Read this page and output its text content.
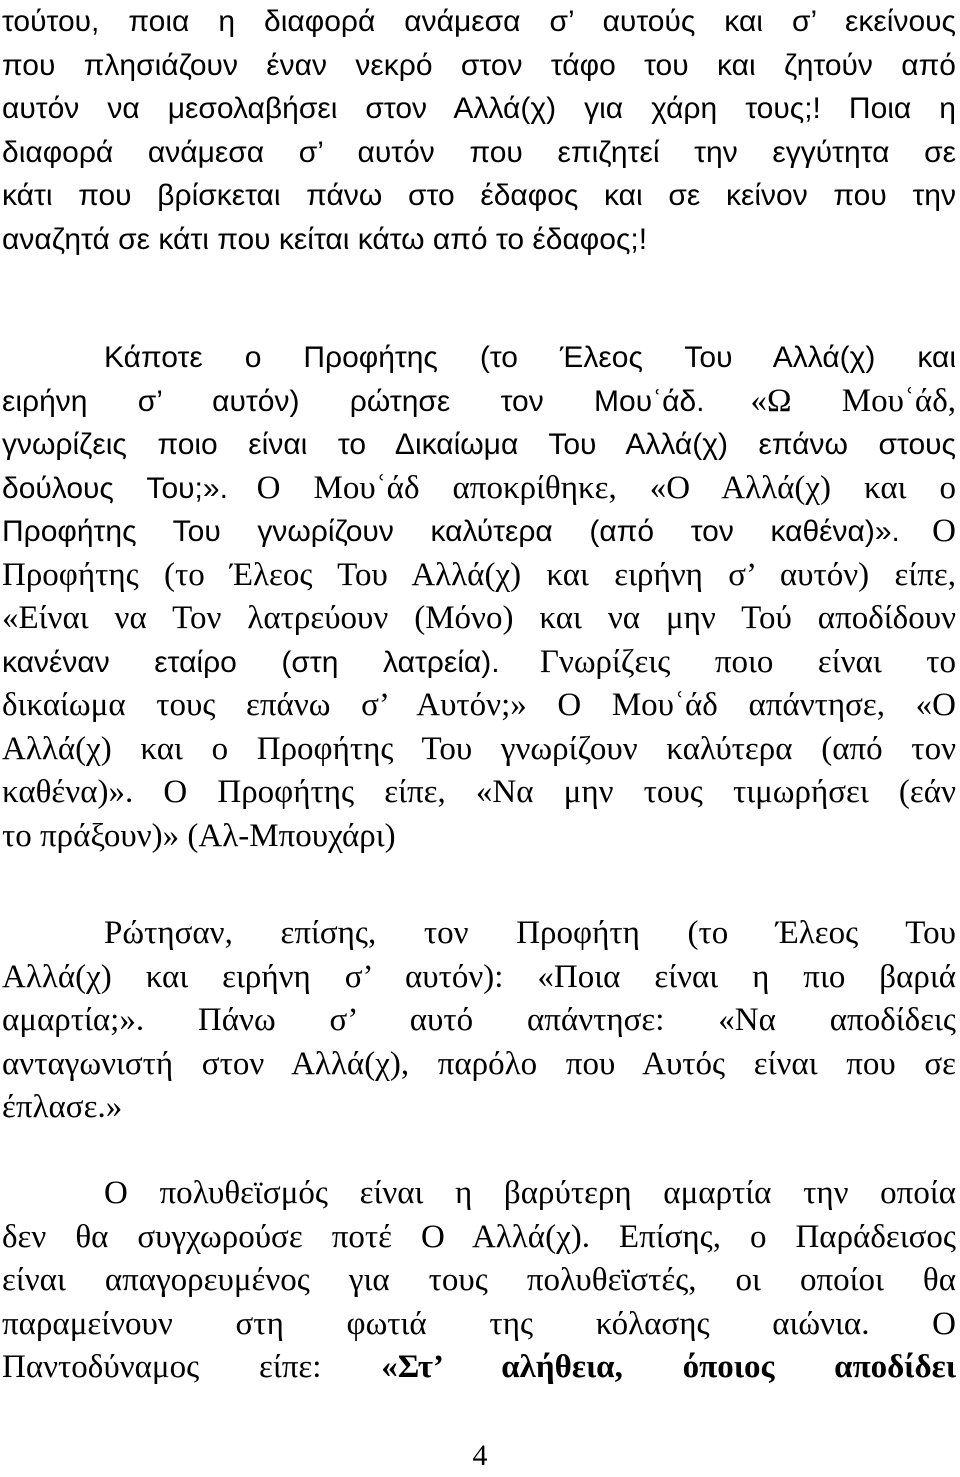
τούτου, ποια η διαφορά ανάμεσα σ’ αυτούς και σ’ εκείνους
που πλησιάζουν έναν νεκρό στον τάφο του και ζητούν από
αυτόν να μεσολαβήσει στον Αλλά(χ) για χάρη τους;! Ποια η
διαφορά ανάμεσα σ’ αυτόν που επιζητεί την εγγύτητα σε
κάτι που βρίσκεται πάνω στο έδαφος και σε κείνον που την
αναζητά σε κάτι που κείται κάτω από το έδαφος;!
Κάποτε ο Προφήτης (το Έλεος Του Αλλά(χ) και
ειρήνη σ’ αυτόν) ρώτησε τον Μουʿάδ. «Ω Μουʿάδ,
γνωρίζεις ποιο είναι το Δικαίωμα Του Αλλά(χ) επάνω στους
δούλους Του;». Ο Μουʿάδ αποκρίθηκε, «Ο Αλλά(χ) και ο
Προφήτης Του γνωρίζουν καλύτερα (από τον καθένα)». Ο
Προφήτης (το Έλεος Του Αλλά(χ) και ειρήνη σ’ αυτόν) είπε,
«Είναι να Τον λατρεύουν (Μόνο) και να μην Τού αποδίδουν
κανέναν εταίρο (στη λατρεία). Γνωρίζεις ποιο είναι το
δικαίωμα τους επάνω σ’ Αυτόν;» Ο Μουʿάδ απάντησε, «Ο
Αλλά(χ) και ο Προφήτης Του γνωρίζουν καλύτερα (από τον
καθένα)». Ο Προφήτης είπε, «Να μην τους τιμωρήσει (εάν
το πράξουν)» (Αλ-Μπουχάρι)
Ρώτησαν, επίσης, τον Προφήτη (το Έλεος Του
Αλλά(χ) και ειρήνη σ’ αυτόν): «Ποια είναι η πιο βαριά
αμαρτία;». Πάνω σ’ αυτό απάντησε: «Να αποδίδεις
ανταγωνιστή στον Αλλά(χ), παρόλο που Αυτός είναι που σε
έπλασε.»
Ο πολυθεϊσμός είναι η βαρύτερη αμαρτία την οποία
δεν θα συγχωρούσε ποτέ Ο Αλλά(χ). Επίσης, ο Παράδεισος
είναι απαγορευμένος για τους πολυθεϊστές, οι οποίοι θα
παραμείνουν στη φωτιά της κόλασης αιώνια. Ο
Παντοδύναμος είπε: «Στ’ αλήθεια, όποιος αποδίδει
4
